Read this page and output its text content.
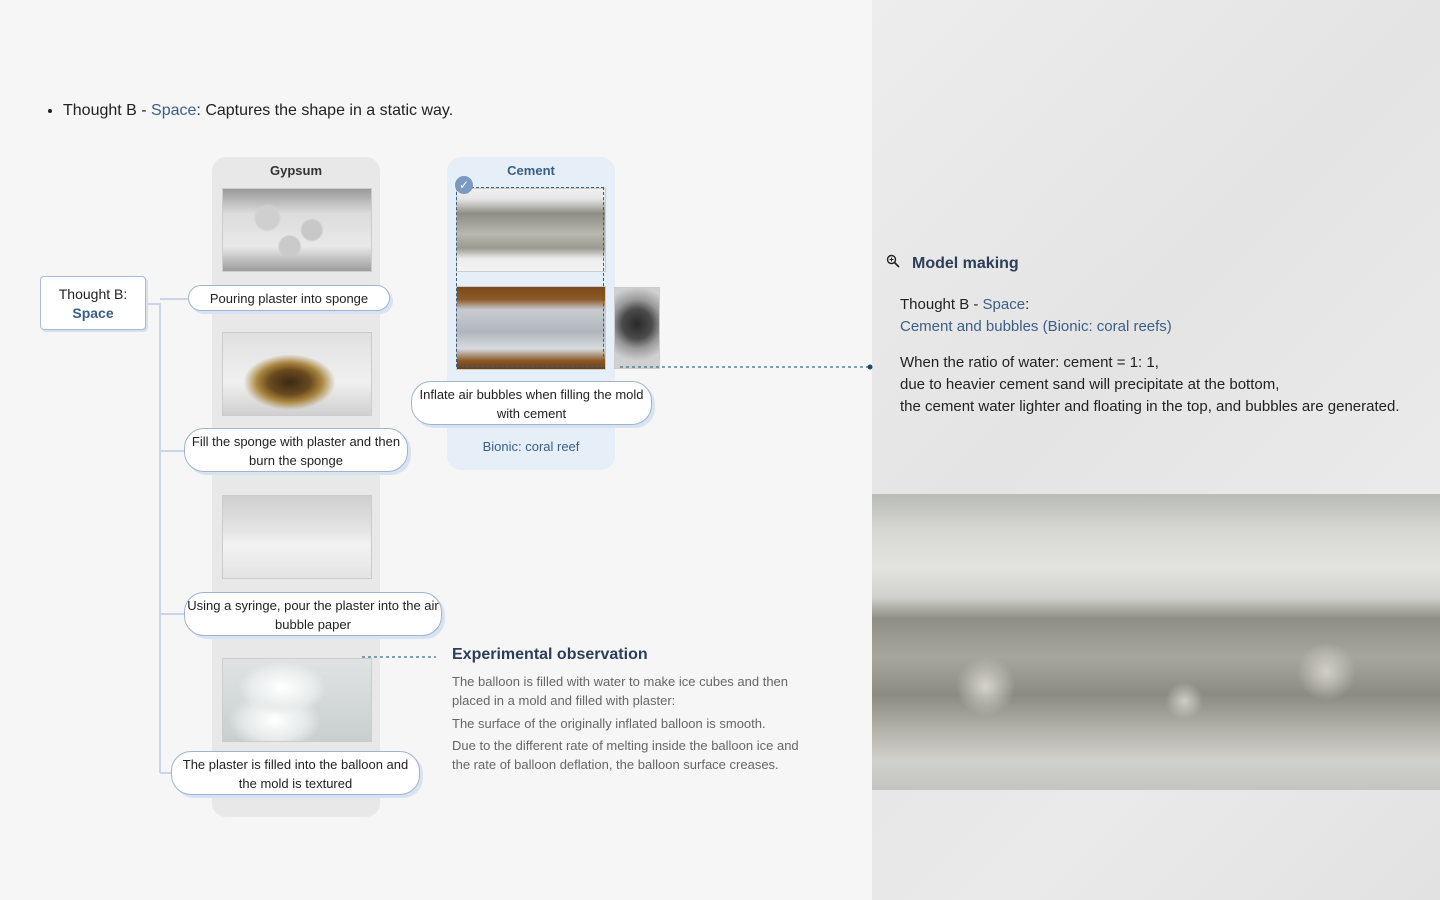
Thought B - Space: Captures the shape in a static way.
Thought B:
Space
Gypsum
Pouring plaster into sponge
Fill the sponge with plaster and then burn the sponge
Using a syringe, pour the plaster into the air bubble paper
The plaster is filled into the balloon and the mold is textured
Cement
✓
Inflate air bubbles when filling the mold with cement
Bionic: coral reef
Experimental observation
The balloon is filled with water to make ice cubes and then placed in a mold and filled with plaster:
The surface of the originally inflated balloon is smooth.
Due to the different rate of melting inside the balloon ice and the rate of balloon deflation, the balloon surface creases.
Model making
Thought B - Space:
Cement and bubbles (Bionic: coral reefs)
When the ratio of water: cement = 1: 1,
due to heavier cement sand will precipitate at the bottom,
the cement water lighter and floating in the top, and bubbles are generated.
